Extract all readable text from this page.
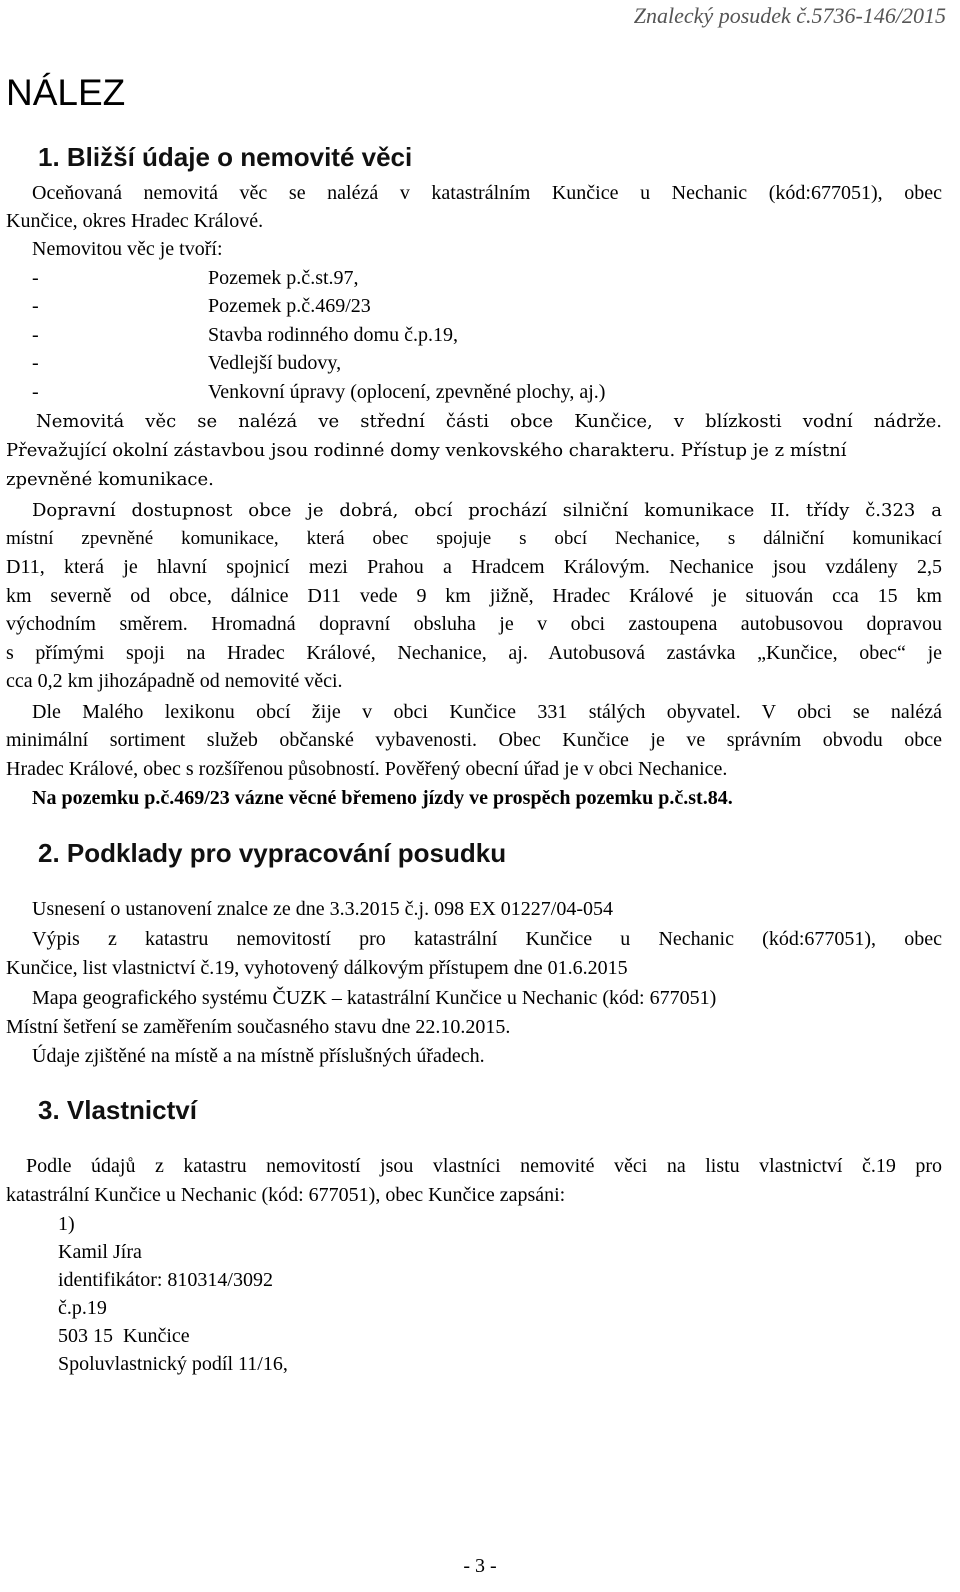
Znalecký posudek č.5736-146/2015
NÁLEZ
1. Bližší údaje o nemovité věci
Oceňovaná nemovitá věc se nalézá v katastrálním Kunčice u Nechanic (kód:677051), obec
Kunčice, okres Hradec Králové.
Nemovitou věc je tvoří:
-	Pozemek p.č.st.97,
-	Pozemek p.č.469/23
-	Stavba rodinného domu č.p.19,
-	Vedlejší budovy,
-	Venkovní úpravy (oplocení, zpevněné plochy, aj.)
Nemovitá věc se nalézá ve střední části obce Kunčice, v blízkosti vodní nádrže.
Převažující okolní zástavbou jsou rodinné domy venkovského charakteru. Přístup je z místní
zpevněné komunikace.
Dopravní dostupnost obce je dobrá, obcí prochází silniční komunikace II. třídy č.323 a
místní zpevněné komunikace, která obec spojuje s obcí Nechanice, s dálniční komunikací
D11, která je hlavní spojnicí mezi Prahou a Hradcem Královým. Nechanice jsou vzdáleny 2,5
km severně od obce, dálnice D11 vede 9 km jižně, Hradec Králové je situován cca 15 km
východním směrem. Hromadná dopravní obsluha je v obci zastoupena autobusovou dopravou
s přímými spoji na Hradec Králové, Nechanice, aj. Autobusová zastávka „Kunčice, obec“ je
cca 0,2 km jihozápadně od nemovité věci.
Dle Malého lexikonu obcí žije v obci Kunčice 331 stálých obyvatel. V obci se nalézá
minimální sortiment služeb občanské vybavenosti. Obec Kunčice je ve správním obvodu obce
Hradec Králové, obec s rozšířenou působností. Pověřený obecní úřad je v obci Nechanice.
Na pozemku p.č.469/23 vázne věcné břemeno jízdy ve prospěch pozemku p.č.st.84.
2. Podklady pro vypracování posudku
Usnesení o ustanovení znalce ze dne 3.3.2015 č.j. 098 EX 01227/04-054
Výpis z katastru nemovitostí pro katastrální Kunčice u Nechanic (kód:677051), obec
Kunčice, list vlastnictví č.19, vyhotovený dálkovým přístupem dne 01.6.2015
Mapa geografického systému ČUZK – katastrální Kunčice u Nechanic (kód: 677051)
Místní šetření se zaměřením současného stavu dne 22.10.2015.
Údaje zjištěné na místě a na místně příslušných úřadech.
3. Vlastnictví
Podle údajů z katastru nemovitostí jsou vlastníci nemovité věci na listu vlastnictví č.19 pro
katastrální Kunčice u Nechanic (kód: 677051), obec Kunčice zapsáni:
1)
Kamil Jíra
identifikátor: 810314/3092
č.p.19
503 15  Kunčice
Spoluvlastnický podíl 11/16,
- 3 -
